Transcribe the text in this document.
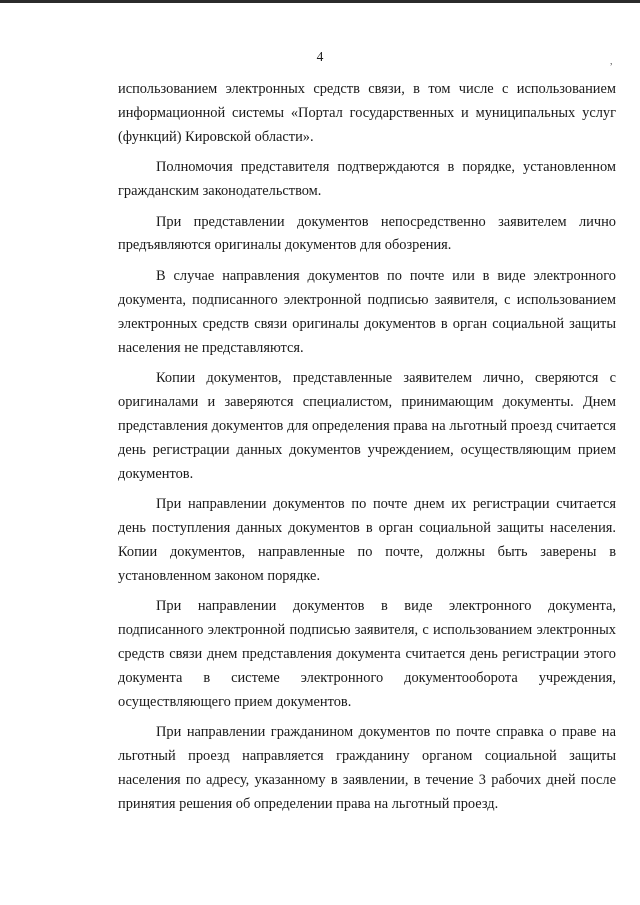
4	,

использованием электронных средств связи, в том числе с использованием информационной системы «Портал государственных и муниципальных услуг (функций) Кировской области».

Полномочия представителя подтверждаются в порядке, установленном гражданским законодательством.

При представлении документов непосредственно заявителем лично предъявляются оригиналы документов для обозрения.

В случае направления документов по почте или в виде электронного документа, подписанного электронной подписью заявителя, с использованием электронных средств связи оригиналы документов в орган социальной защиты населения не представляются.

Копии документов, представленные заявителем лично, сверяются с оригиналами и заверяются специалистом, принимающим документы. Днем представления документов для определения права на льготный проезд считается день регистрации данных документов учреждением, осуществляющим прием документов.

При направлении документов по почте днем их регистрации считается день поступления данных документов в орган социальной защиты населения. Копии документов, направленные по почте, должны быть заверены в установленном законом порядке.

При направлении документов в виде электронного документа, подписанного электронной подписью заявителя, с использованием электронных средств связи днем представления документа считается день регистрации этого документа в системе электронного документооборота учреждения, осуществляющего прием документов.

При направлении гражданином документов по почте справка о праве на льготный проезд направляется гражданину органом социальной защиты населения по адресу, указанному в заявлении, в течение 3 рабочих дней после принятия решения об определении права на льготный проезд.
